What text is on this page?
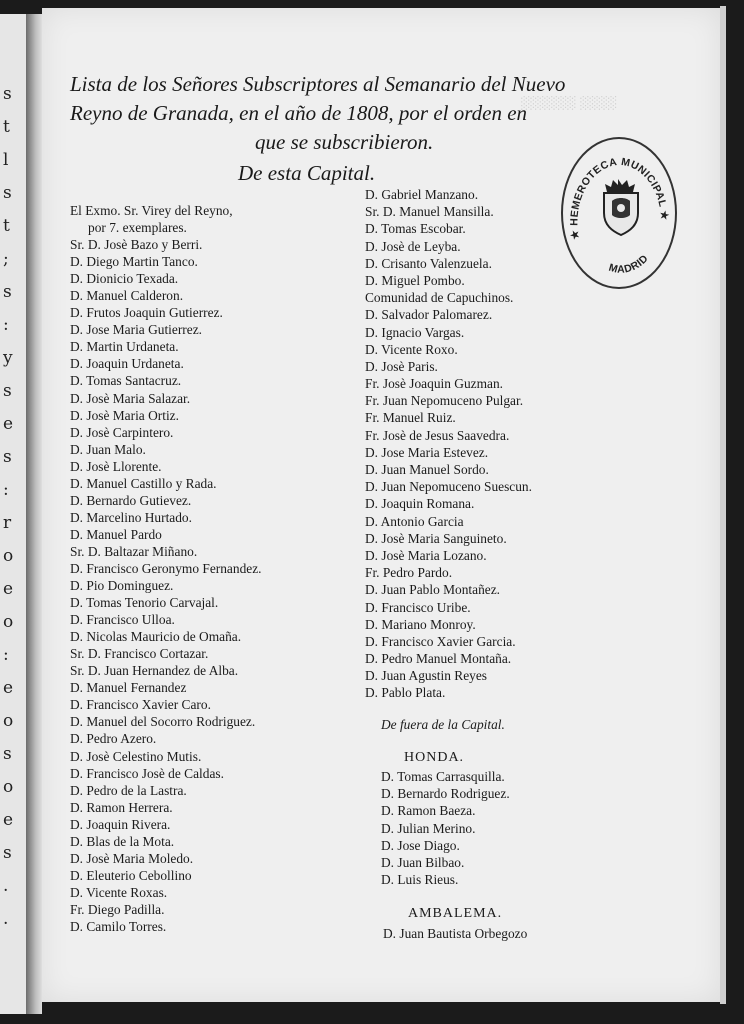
s
t
l
s
t
;
s
:
y
s
e
s
:
r
o
e
o
:
e
o
s
o
e
s
.
.
░░░░ ░░░░░░
Lista de los Señores Subscriptores al Semanario del Nuevo
Reyno de Granada, en el año de 1808, por el orden en
que se subscribieron.
De esta Capital.
El Exmo. Sr. Virey del Reyno,
por 7. exemplares.
Sr. D. Josè Bazo y Berri.
D. Diego Martin Tanco.
D. Dionicio Texada.
D. Manuel Calderon.
D. Frutos Joaquin Gutierrez.
D. Jose Maria Gutierrez.
D. Martin Urdaneta.
D. Joaquin Urdaneta.
D. Tomas Santacruz.
D. Josè Maria Salazar.
D. Josè Maria Ortiz.
D. Josè Carpintero.
D. Juan Malo.
D. Josè Llorente.
D. Manuel Castillo y Rada.
D. Bernardo Gutievez.
D. Marcelino Hurtado.
D. Manuel Pardo
Sr. D. Baltazar Miñano.
D. Francisco Geronymo Fernandez.
D. Pio Dominguez.
D. Tomas Tenorio Carvajal.
D. Francisco Ulloa.
D. Nicolas Mauricio de Omaña.
Sr. D. Francisco Cortazar.
Sr. D. Juan Hernandez de Alba.
D. Manuel Fernandez
D. Francisco Xavier Caro.
D. Manuel del Socorro Rodriguez.
D. Pedro Azero.
D. Josè Celestino Mutis.
D. Francisco Josè de Caldas.
D. Pedro de la Lastra.
D. Ramon Herrera.
D. Joaquin Rivera.
D. Blas de la Mota.
D. Josè Maria Moledo.
D. Eleuterio Cebollino
D. Vicente Roxas.
Fr. Diego Padilla.
D. Camilo Torres.
D. Gabriel Manzano.
Sr. D. Manuel Mansilla.
D. Tomas Escobar.
D. Josè de Leyba.
D. Crisanto Valenzuela.
D. Miguel Pombo.
Comunidad de Capuchinos.
D. Salvador Palomarez.
D. Ignacio Vargas.
D. Vicente Roxo.
D. Josè Paris.
Fr. Josè Joaquin Guzman.
Fr. Juan Nepomuceno Pulgar.
Fr. Manuel Ruiz.
Fr. Josè de Jesus Saavedra.
D. Jose Maria Estevez.
D. Juan Manuel Sordo.
D. Juan Nepomuceno Suescun.
D. Joaquin Romana.
D. Antonio Garcia
D. Josè Maria Sanguineto.
D. Josè Maria Lozano.
Fr. Pedro Pardo.
D. Juan Pablo Montañez.
D. Francisco Uribe.
D. Mariano Monroy.
D. Francisco Xavier Garcia.
D. Pedro Manuel Montaña.
D. Juan Agustin Reyes
D. Pablo Plata.
De fuera de la Capital.
HONDA.
D. Tomas Carrasquilla.
D. Bernardo Rodriguez.
D. Ramon Baeza.
D. Julian Merino.
D. Jose Diago.
D. Juan Bilbao.
D. Luis Rieus.
AMBALEMA.
D. Juan Bautista Orbegozo
★ HEMEROTECA MUNICIPAL ★
MADRID
